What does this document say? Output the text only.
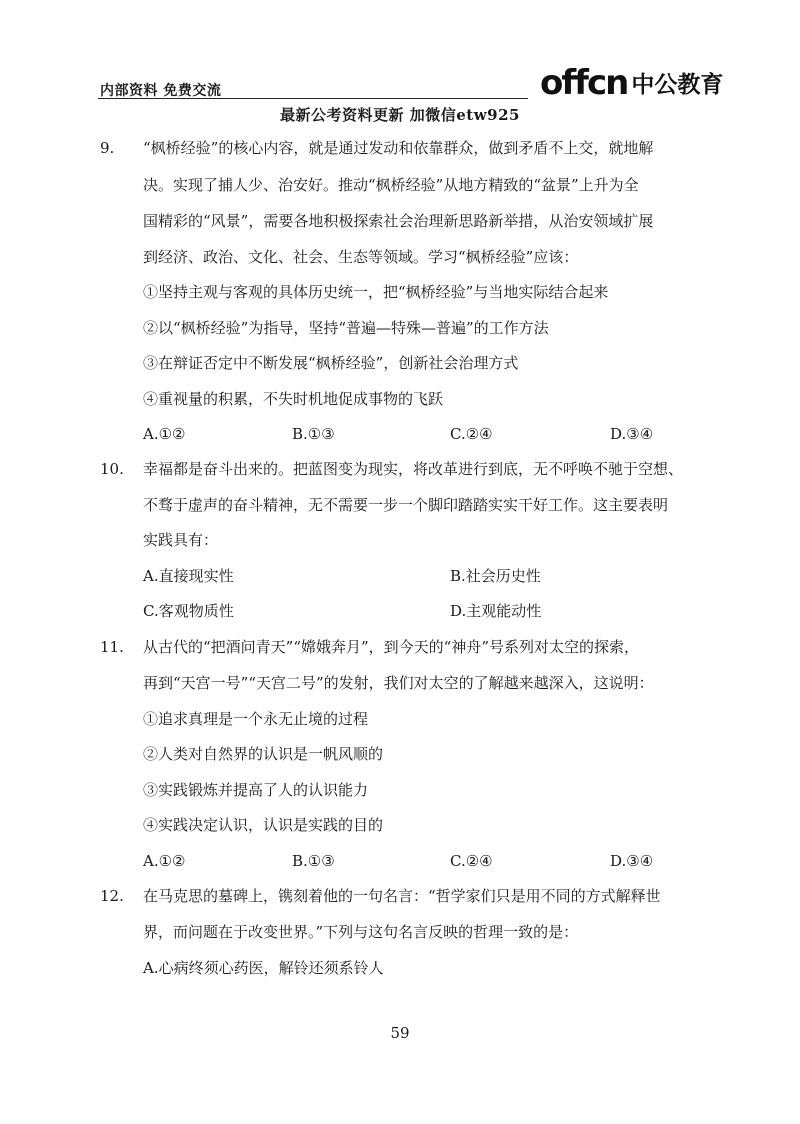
内部资料 免费交流	offcn 中公教育
最新公考资料更新 加微信etw925
9. “枫桥经验”的核心内容，就是通过发动和依靠群众，做到矛盾不上交，就地解
决。实现了捕人少、治安好。推动“枫桥经验”从地方精致的“盆景”上升为全
国精彩的“风景”，需要各地积极探索社会治理新思路新举措，从治安领域扩展
到经济、政治、文化、社会、生态等领域。学习“枫桥经验”应该：
①坚持主观与客观的具体历史统一，把“枫桥经验”与当地实际结合起来
②以“枫桥经验”为指导，坚持“普遍—特殊—普遍”的工作方法
③在辩证否定中不断发展“枫桥经验”，创新社会治理方式
④重视量的积累，不失时机地促成事物的飞跃
A.①②	B.①③	C.②④	D.③④
10. 幸福都是奋斗出来的。把蓝图变为现实，将改革进行到底，无不呼唤不驰于空想、
不骛于虚声的奋斗精神，无不需要一步一个脚印踏踏实实干好工作。这主要表明
实践具有：
A.直接现实性	B.社会历史性
C.客观物质性	D.主观能动性
11. 从古代的“把酒问青天”“嫦娥奔月”，到今天的“神舟”号系列对太空的探索，
再到“天宫一号”“天宫二号”的发射，我们对太空的了解越来越深入，这说明：
①追求真理是一个永无止境的过程
②人类对自然界的认识是一帆风顺的
③实践锻炼并提高了人的认识能力
④实践决定认识，认识是实践的目的
A.①②	B.①③	C.②④	D.③④
12. 在马克思的墓碑上，镌刻着他的一句名言：“哲学家们只是用不同的方式解释世
界，而问题在于改变世界。”下列与这句名言反映的哲理一致的是：
A.心病终须心药医，解铃还须系铃人
59
